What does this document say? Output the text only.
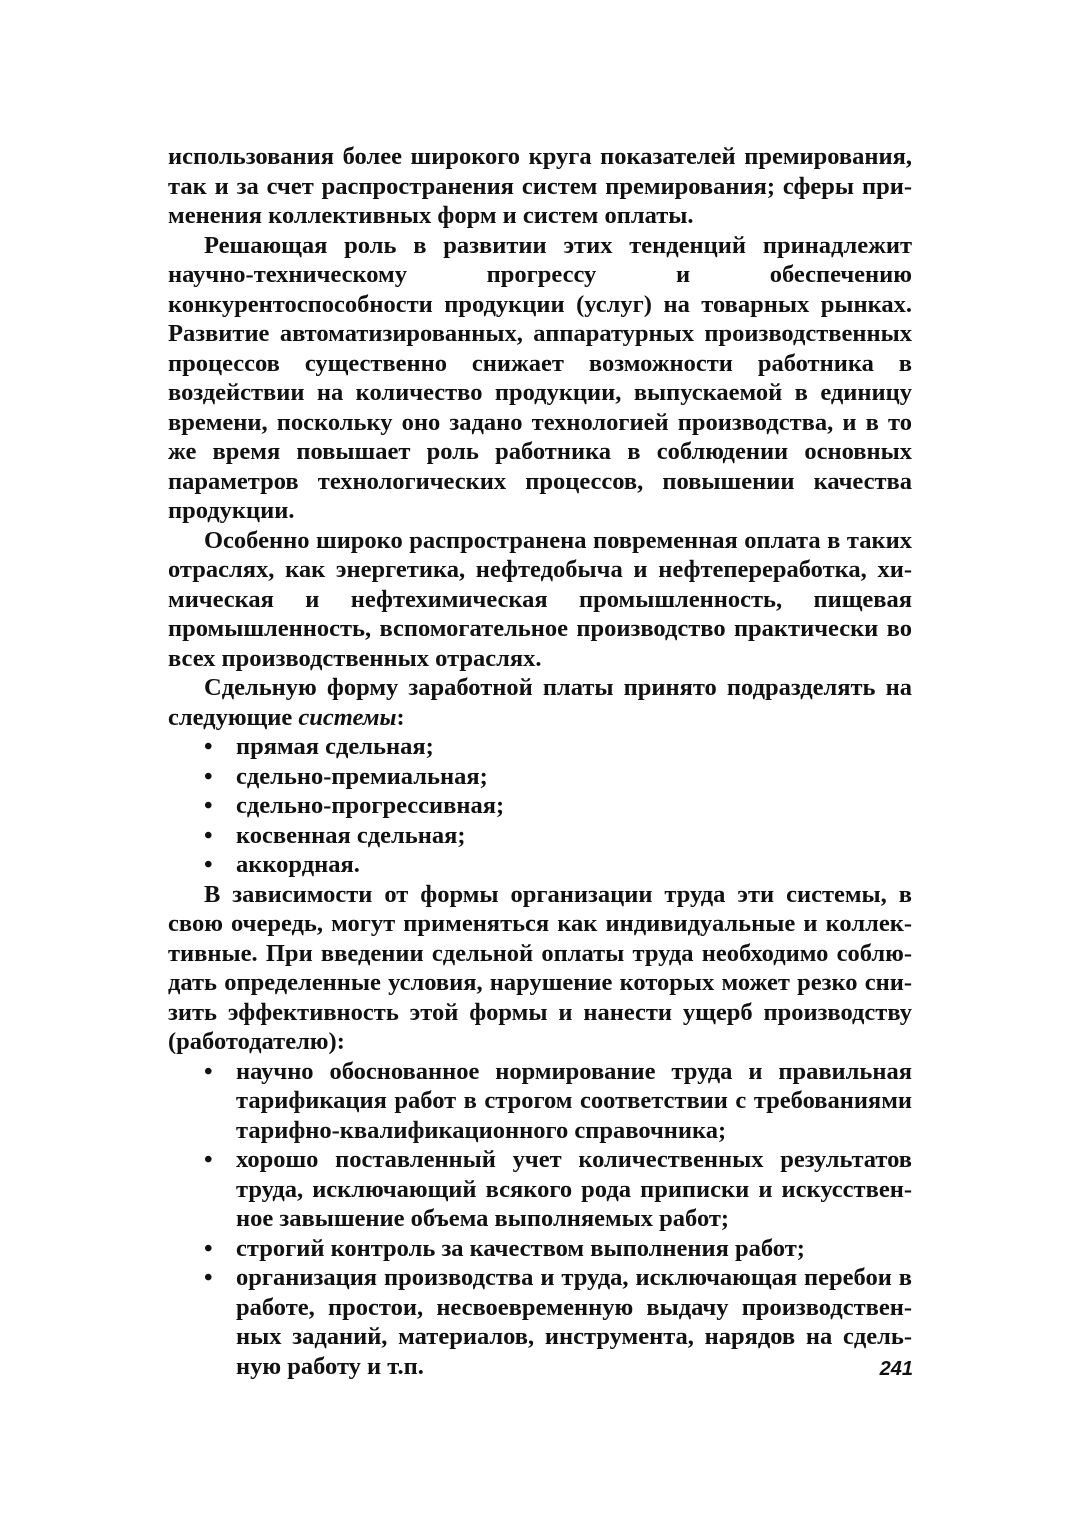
использования более широкого круга показателей премирования, так и за счет распространения систем премирования; сферы применения коллективных форм и систем оплаты.

Решающая роль в развитии этих тенденций принадлежит научно-техническому прогрессу и обеспечению конкурентоспособности продукции (услуг) на товарных рынках. Развитие автоматизированных, аппаратурных производственных процессов существенно снижает возможности работника в воздействии на количество продукции, выпускаемой в единицу времени, поскольку оно задано технологией производства, и в то же время повышает роль работника в соблюдении основных параметров технологических процессов, повышении качества продукции.

Особенно широко распространена повременная оплата в таких отраслях, как энергетика, нефтедобыча и нефтепереработка, химическая и нефтехимическая промышленность, пищевая промышленность, вспомогательное производство практически во всех производственных отраслях.

Сдельную форму заработной платы принято подразделять на следующие системы:

• прямая сдельная;
• сдельно-премиальная;
• сдельно-прогрессивная;
• косвенная сдельная;
• аккордная.

В зависимости от формы организации труда эти системы, в свою очередь, могут применяться как индивидуальные и коллективные. При введении сдельной оплаты труда необходимо соблюдать определенные условия, нарушение которых может резко снизить эффективность этой формы и нанести ущерб производству (работодателю):

• научно обоснованное нормирование труда и правильная тарификация работ в строгом соответствии с требованиями тарифно-квалификационного справочника;
• хорошо поставленный учет количественных результатов труда, исключающий всякого рода приписки и искусственное завышение объема выполняемых работ;
• строгий контроль за качеством выполнения работ;
• организация производства и труда, исключающая перебои в работе, простои, несвоевременную выдачу производственных заданий, материалов, инструмента, нарядов на сдельную работу и т.п.	241
